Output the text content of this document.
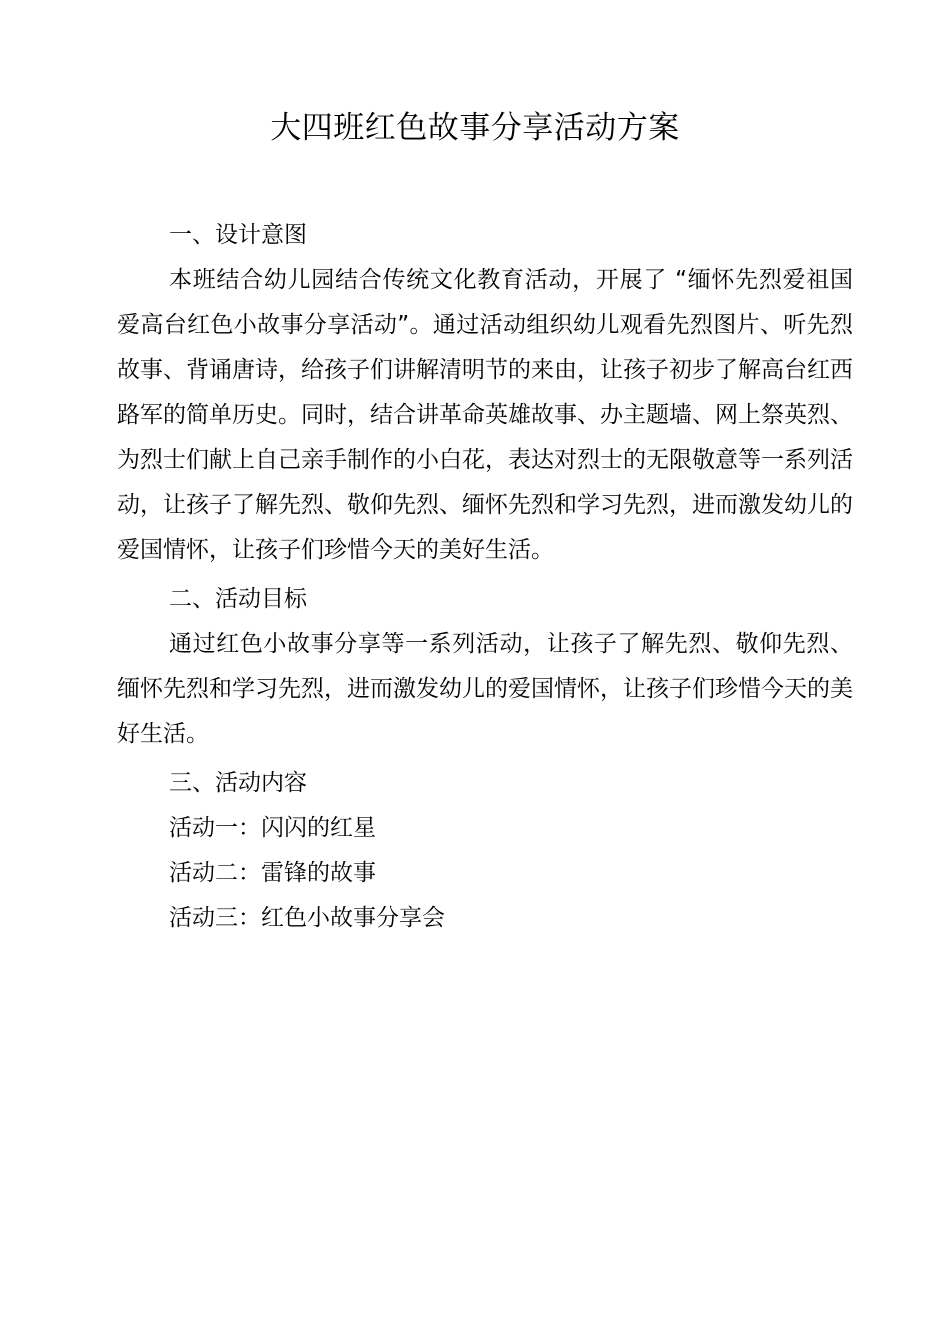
大四班红色故事分享活动方案

一、设计意图

本班结合幼儿园结合传统文化教育活动，开展了 “缅怀先烈爱祖国爱高台红色小故事分享活动”。通过活动组织幼儿观看先烈图片、听先烈故事、背诵唐诗，给孩子们讲解清明节的来由，让孩子初步了解高台红西路军的简单历史。同时，结合讲革命英雄故事、办主题墙、网上祭英烈、为烈士们献上自己亲手制作的小白花，表达对烈士的无限敬意等一系列活动，让孩子了解先烈、敬仰先烈、缅怀先烈和学习先烈，进而激发幼儿的爱国情怀，让孩子们珍惜今天的美好生活。

二、活动目标

通过红色小故事分享等一系列活动，让孩子了解先烈、敬仰先烈、缅怀先烈和学习先烈，进而激发幼儿的爱国情怀，让孩子们珍惜今天的美好生活。

三、活动内容

活动一：闪闪的红星

活动二：雷锋的故事

活动三：红色小故事分享会
